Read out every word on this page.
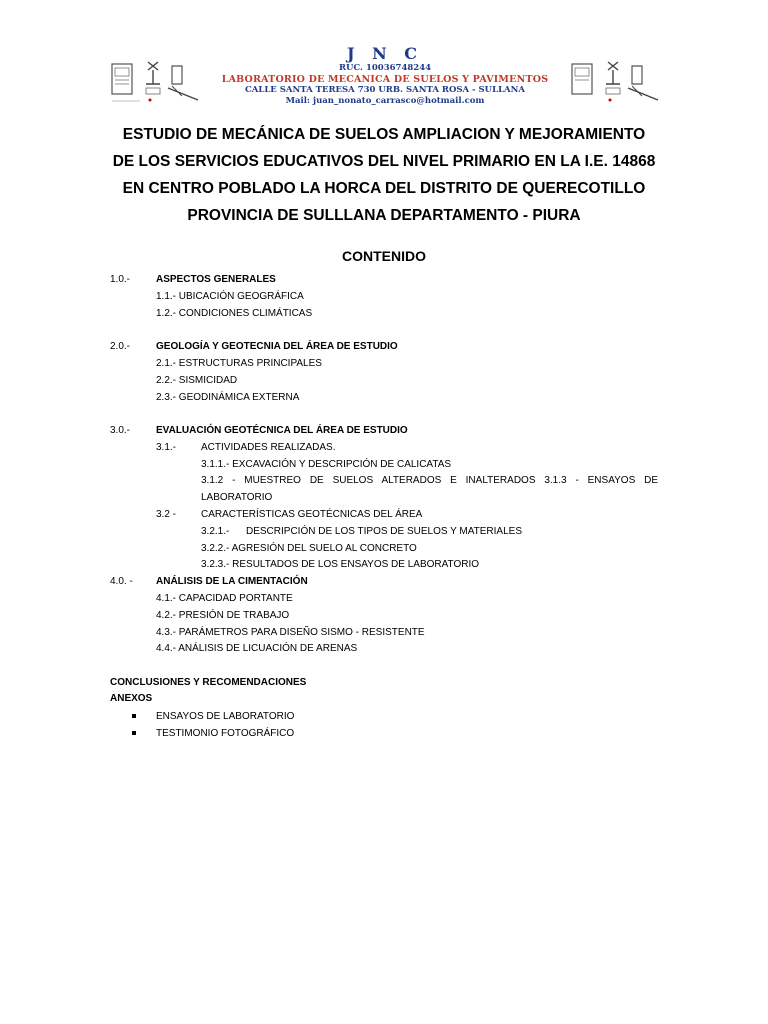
J N C
RUC. 10036748244
LABORATORIO DE MECANICA DE SUELOS Y PAVIMENTOS
CALLE SANTA TERESA 730 URB. SANTA ROSA - SULLANA
Mail: juan_nonato_carrasco@hotmail.com
ESTUDIO DE MECÁNICA DE SUELOS AMPLIACION Y MEJORAMIENTO
DE LOS SERVICIOS EDUCATIVOS DEL NIVEL PRIMARIO EN LA I.E. 14868
EN CENTRO POBLADO LA HORCA DEL DISTRITO DE QUERECOTILLO
PROVINCIA DE SULLLANA DEPARTAMENTO - PIURA
CONTENIDO
1.0.-	ASPECTOS GENERALES
1.1.- UBICACIÓN GEOGRÁFICA
1.2.- CONDICIONES CLIMÁTICAS
2.0.-	GEOLOGÍA Y GEOTECNIA DEL ÁREA DE ESTUDIO
2.1.- ESTRUCTURAS PRINCIPALES
2.2.- SISMICIDAD
2.3.- GEODINÁMICA EXTERNA
3.0.-	EVALUACIÓN GEOTÉCNICA DEL ÁREA DE ESTUDIO
3.1.- ACTIVIDADES REALIZADAS.
3.1.1.- EXCAVACIÓN Y DESCRIPCIÓN DE CALICATAS
3.1.2 - MUESTREO DE SUELOS ALTERADOS E INALTERADOS 3.1.3 - ENSAYOS DE
LABORATORIO
3.2 - CARACTERÍSTICAS GEOTÉCNICAS DEL ÁREA
3.2.1.- DESCRIPCIÓN DE LOS TIPOS DE SUELOS Y MATERIALES
3.2.2.- AGRESIÓN DEL SUELO AL CONCRETO
3.2.3.- RESULTADOS DE LOS ENSAYOS DE LABORATORIO
4.0. - ANÁLISIS DE LA CIMENTACIÓN
4.1.- CAPACIDAD PORTANTE
4.2.- PRESIÓN DE TRABAJO
4.3.- PARÁMETROS PARA DISEÑO SISMO - RESISTENTE
4.4.- ANÁLISIS DE LICUACIÓN DE ARENAS
CONCLUSIONES Y RECOMENDACIONES
ANEXOS
ENSAYOS DE LABORATORIO
TESTIMONIO FOTOGRÁFICO
